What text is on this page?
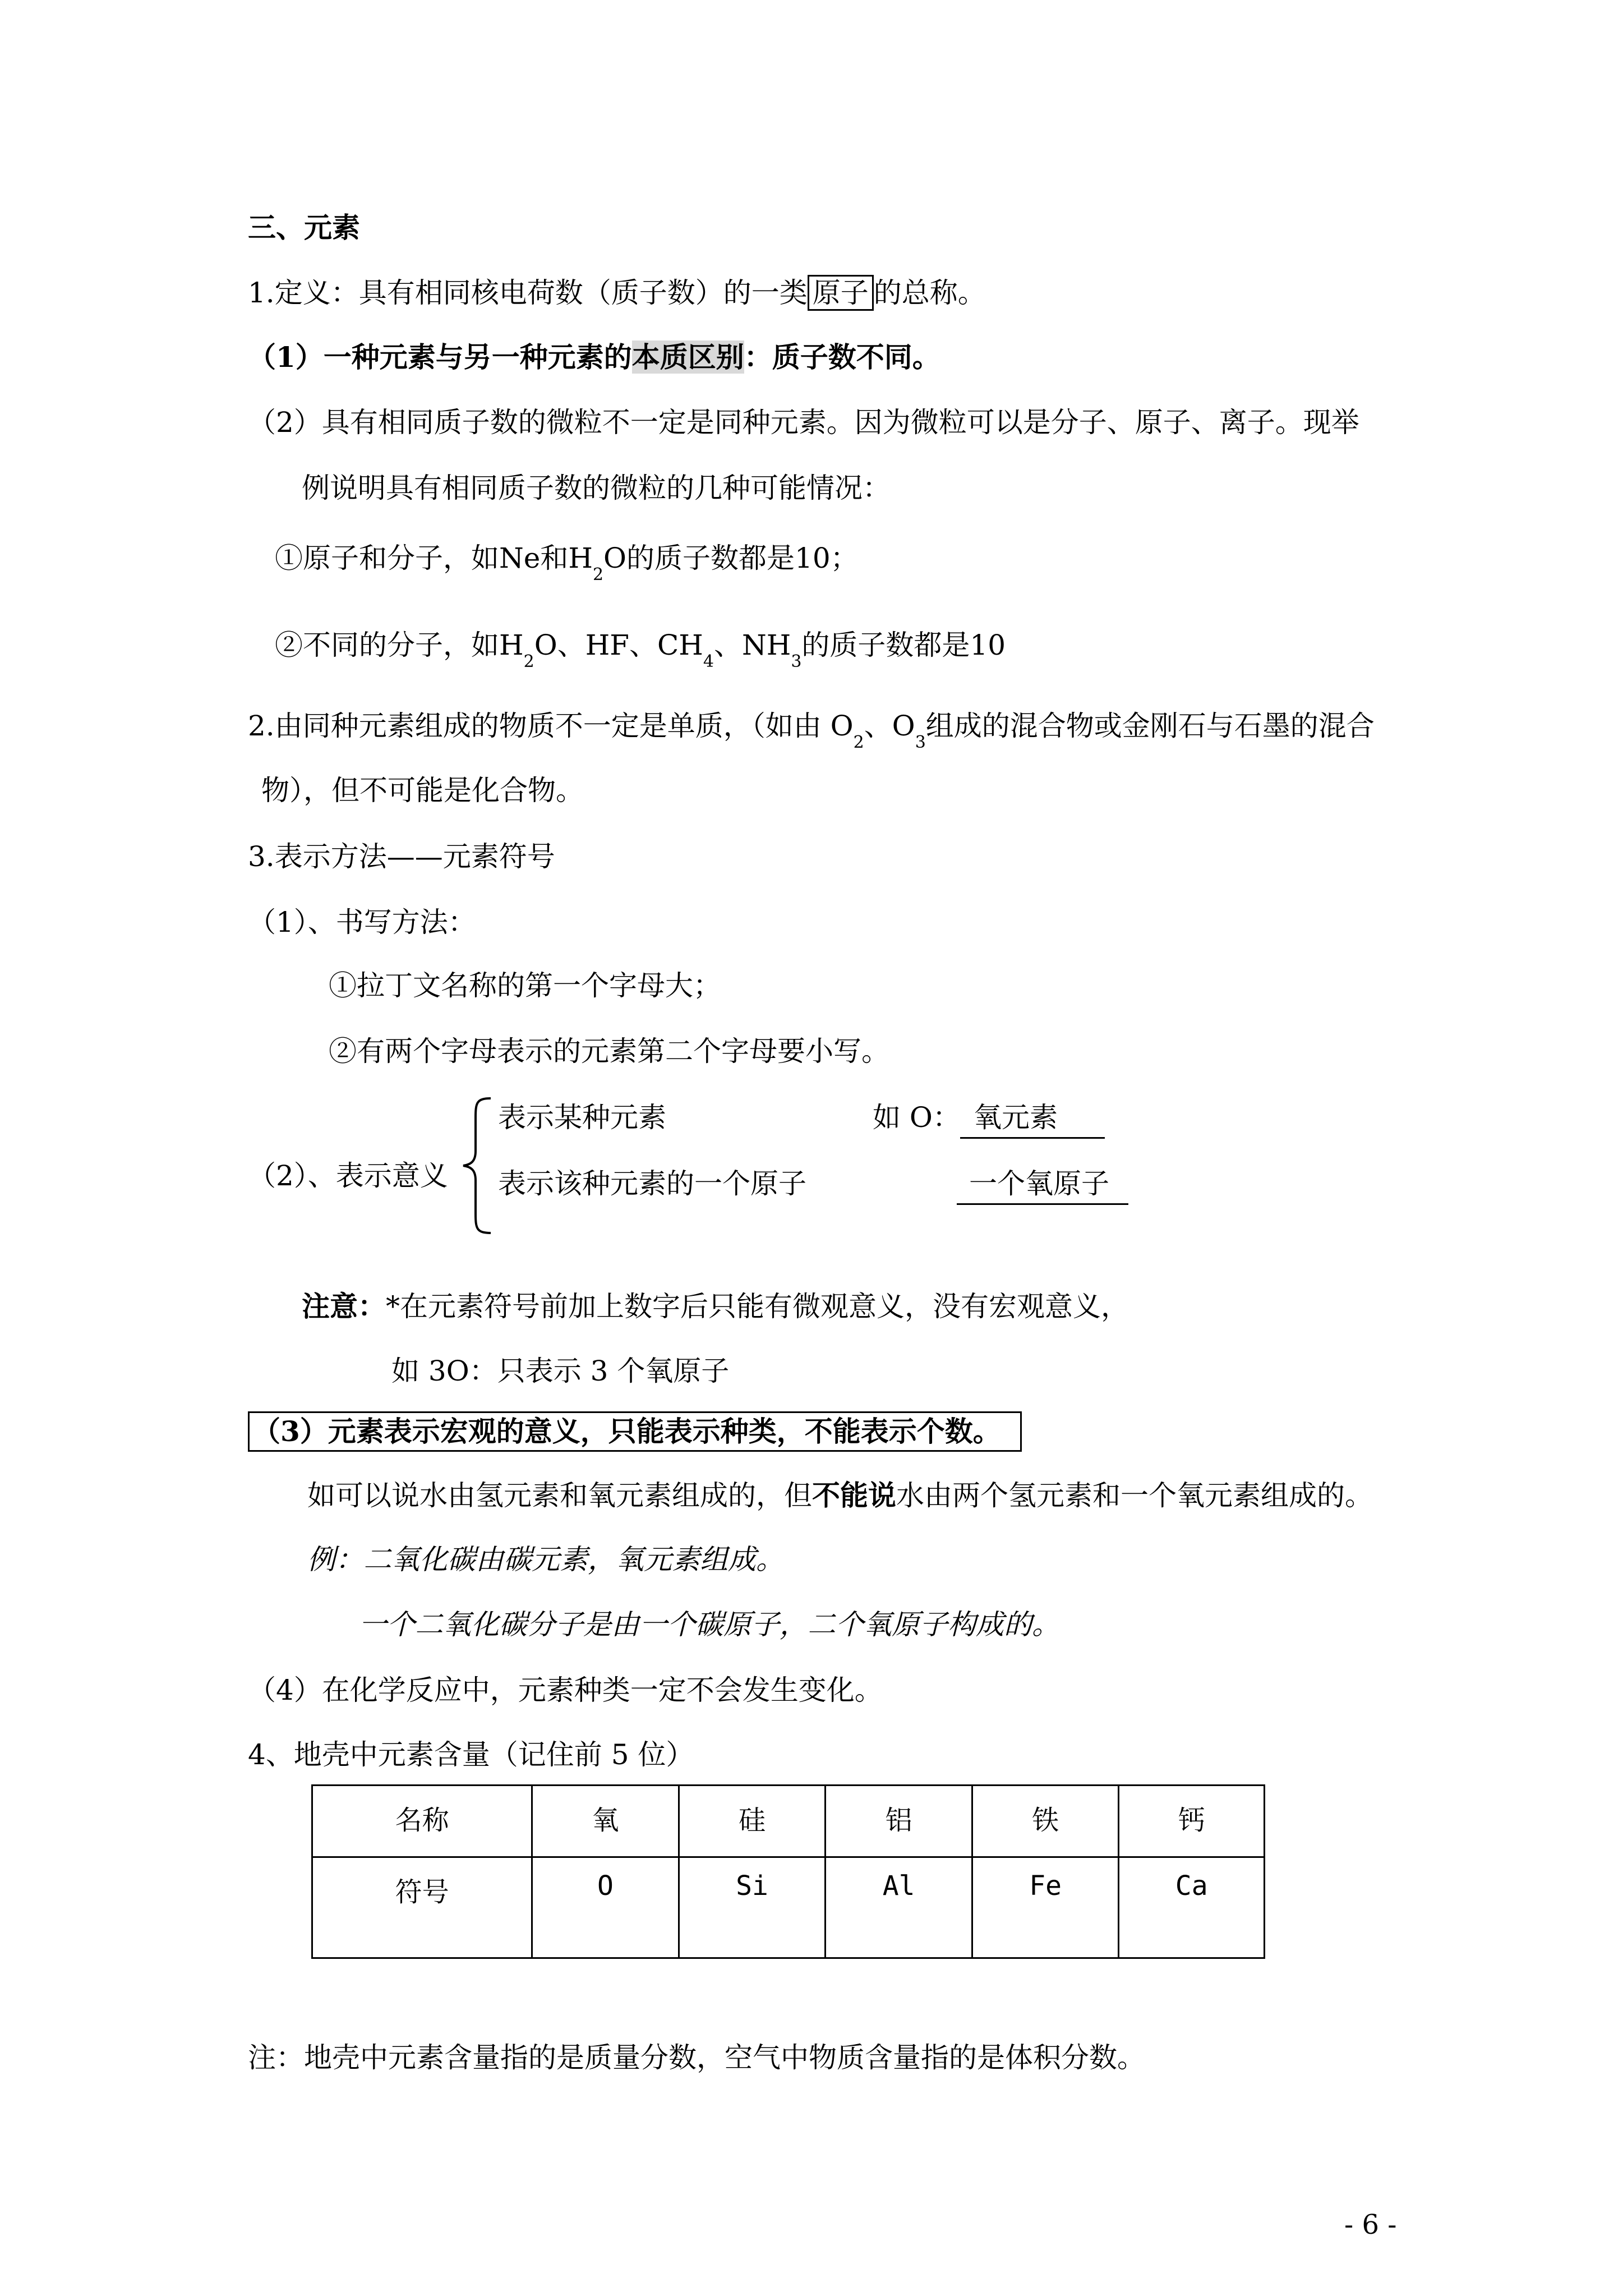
三、元素
1.定义：具有相同核电荷数（质子数）的一类 原子 的总称。
（1）一种元素与另一种元素的本质区别：质子数不同。
（2）具有相同质子数的微粒不一定是同种元素。因为微粒可以是分子、原子、离子。现举
例说明具有相同质子数的微粒的几种可能情况：
①原子和分子，如Ne和$H_2O$的质子数都是10；
②不同的分子，如$H_2O$、HF、$CH_4$、$NH_3$的质子数都是10
2.由同种元素组成的物质不一定是单质，（如由 $O_2$、$O_3$组成的混合物或金刚石与石墨的混合
物），但不可能是化合物。
3.表示方法——元素符号
（1）、书写方法：
①拉丁文名称的第一个字母大；
②有两个字母表示的元素第二个字母要小写。
（2）、表示意义
表示某种元素
表示该种元素的一个原子
如 O： 氧元素
一个氧原子
注意：*在元素符号前加上数字后只能有微观意义，没有宏观意义，
如 3O：只表示 3 个氧原子
（3）元素表示宏观的意义，只能表示种类，不能表示个数。
如可以说水由氢元素和氧元素组成的，但不能说水由两个氢元素和一个氧元素组成的。
例：二氧化碳由碳元素，氧元素组成。
一个二氧化碳分子是由一个碳原子，二个氧原子构成的。
（4）在化学反应中，元素种类一定不会发生变化。
4、地壳中元素含量（记住前 5 位）
名称	氧	硅	铝	铁	钙
符号	O	Si	Al	Fe	Ca
注：地壳中元素含量指的是质量分数，空气中物质含量指的是体积分数。
- 6 -
